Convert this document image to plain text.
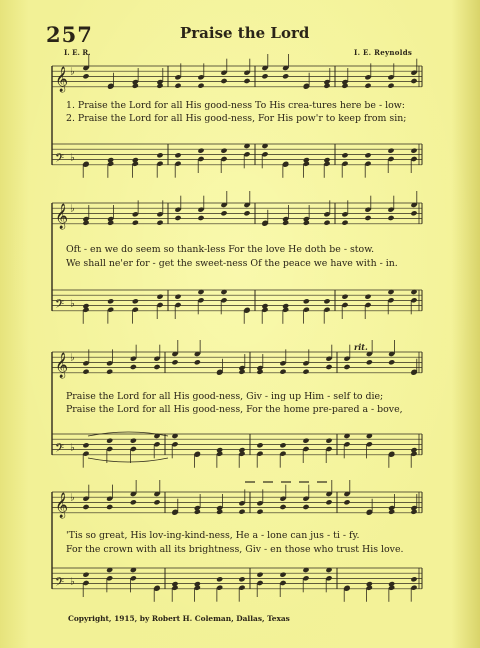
𝄞 ♭
𝄢 ♭
𝄞 ♭
𝄢 ♭
𝄞 ♭
𝄢 ♭
𝄞 ♭
𝄢 ♭
257	Praise the Lord
I. E. R.	I. E. Reynolds
1. Praise the Lord for all His good-ness To His crea-tures here be - low:
2. Praise the Lord for all His good-ness, For His pow'r to keep from sin;
Oft - en we do seem so thank-less For the love He doth be - stow.
We shall ne'er for - get the sweet-ness Of the peace we have with - in.
rit.
Praise the Lord for all His good-ness, Giv - ing up Him - self to die;
Praise the Lord for all His good-ness, For the home pre-pared a - bove,
'Tis so great, His lov-ing-kind-ness, He a - lone can jus - ti - fy.
For the crown with all its brightness, Giv - en those who trust His love.
Copyright, 1915, by Robert H. Coleman, Dallas, Texas
